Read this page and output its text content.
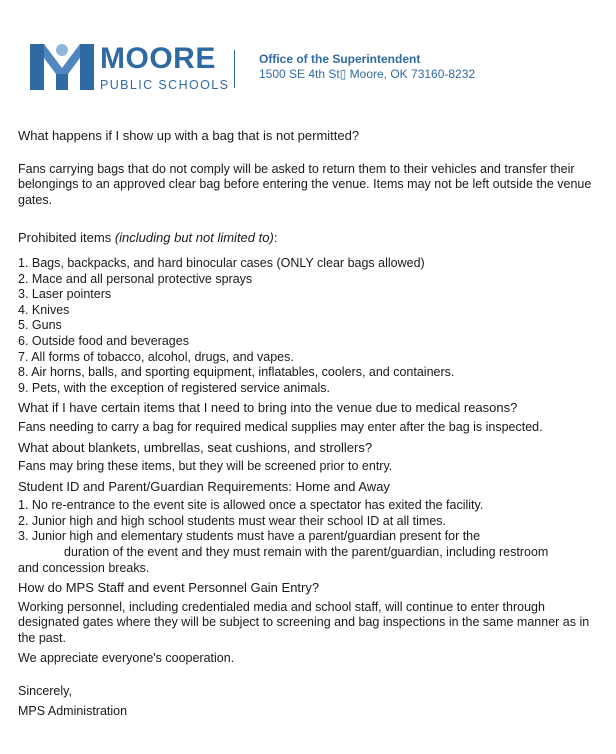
MOORE
PUBLIC SCHOOLS
Office of the Superintendent
1500 SE 4th St▯ Moore, OK 73160-8232

What happens if I show up with a bag that is not permitted?

Fans carrying bags that do not comply will be asked to return them to their vehicles and transfer their belongings to an approved clear bag before entering the venue. Items may not be left outside the venue gates.

Prohibited items (including but not limited to):

1. Bags, backpacks, and hard binocular cases (ONLY clear bags allowed)
2. Mace and all personal protective sprays
3. Laser pointers
4. Knives
5. Guns
6. Outside food and beverages
7. All forms of tobacco, alcohol, drugs, and vapes.
8. Air horns, balls, and sporting equipment, inflatables, coolers, and containers.
9. Pets, with the exception of registered service animals.

What if I have certain items that I need to bring into the venue due to medical reasons?

Fans needing to carry a bag for required medical supplies may enter after the bag is inspected.

What about blankets, umbrellas, seat cushions, and strollers?

Fans may bring these items, but they will be screened prior to entry.

Student ID and Parent/Guardian Requirements: Home and Away

1. No re-entrance to the event site is allowed once a spectator has exited the facility.
2. Junior high and high school students must wear their school ID at all times.
3. Junior high and elementary students must have a parent/guardian present for the
duration of the event and they must remain with the parent/guardian, including restroom
and concession breaks.

How do MPS Staff and event Personnel Gain Entry?

Working personnel, including credentialed media and school staff, will continue to enter through designated gates where they will be subject to screening and bag inspections in the same manner as in the past.

We appreciate everyone's cooperation.

Sincerely,

MPS Administration
